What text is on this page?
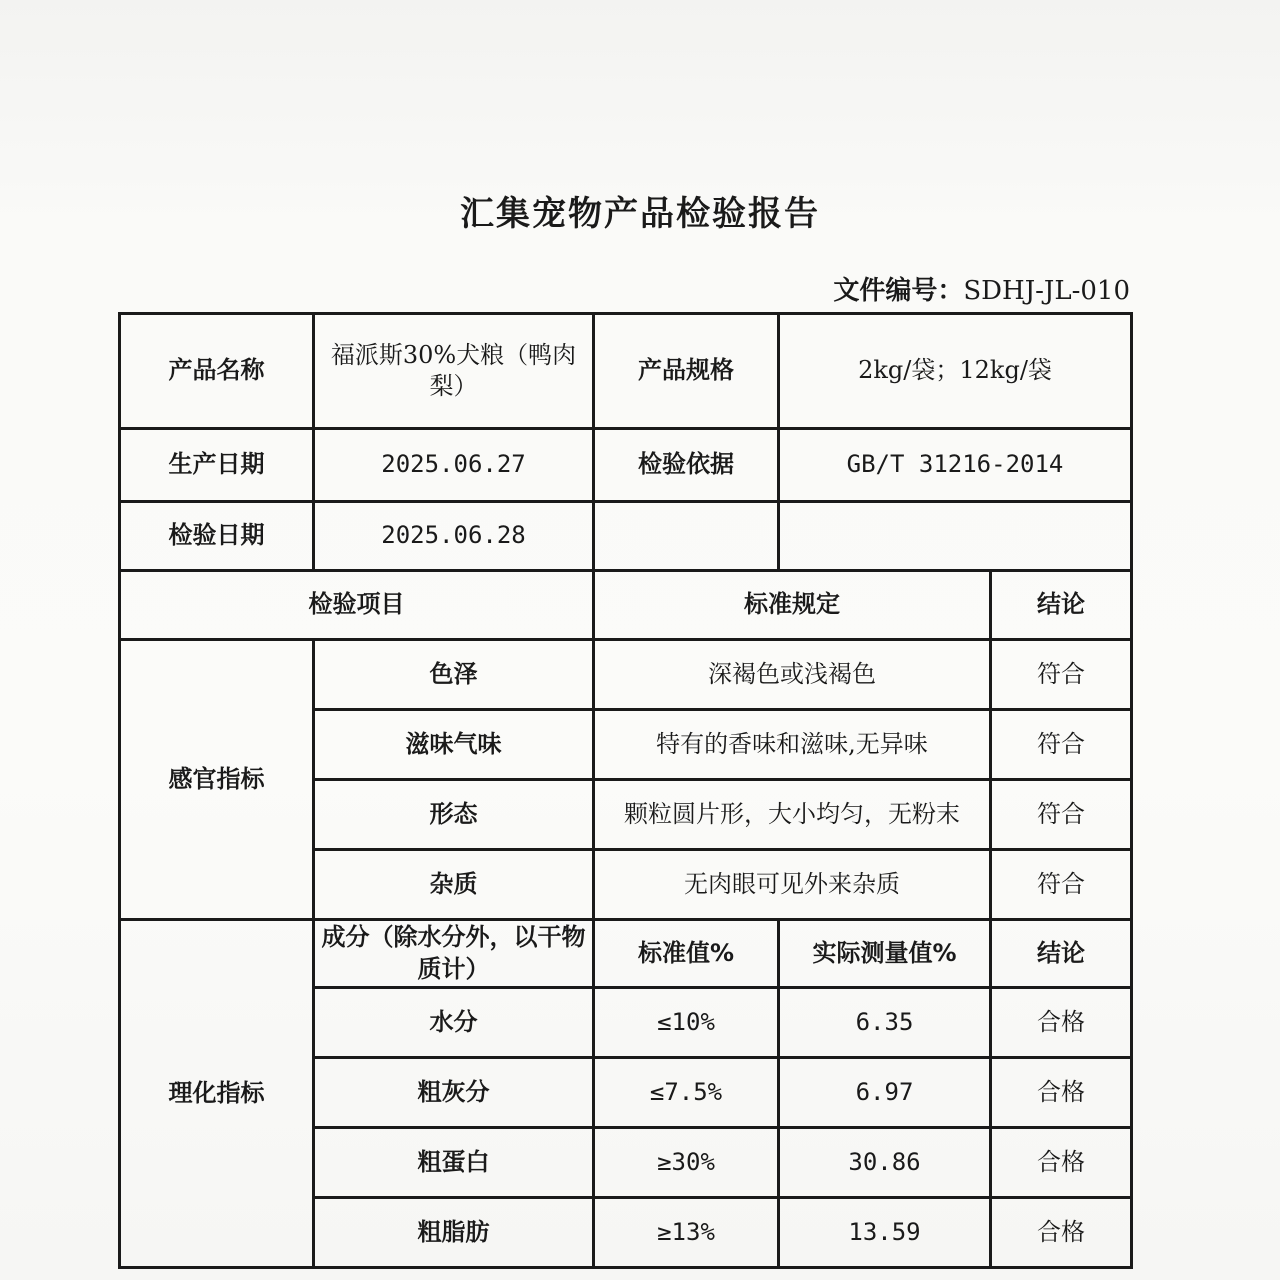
汇集宠物产品检验报告
文件编号：SDHJ-JL-010
产品名称	福派斯30%犬粮（鸭肉梨）	产品规格	2kg/袋；12kg/袋	
生产日期	2025.06.27	检验依据	GB/T 31216-2014	
检验日期	2025.06.28			
检验项目		标准规定		结论
感官指标	色泽	深褐色或浅褐色		符合
	滋味气味	特有的香味和滋味,无异味		符合
	形态	颗粒圆片形，大小均匀，无粉末		符合
	杂质	无肉眼可见外来杂质		符合
理化指标	成分（除水分外，以干物质计）	标准值%	实际测量值%	结论
	水分	≤10%	6.35	合格
	粗灰分	≤7.5%	6.97	合格
	粗蛋白	≥30%	30.86	合格
	粗脂肪	≥13%	13.59	合格
